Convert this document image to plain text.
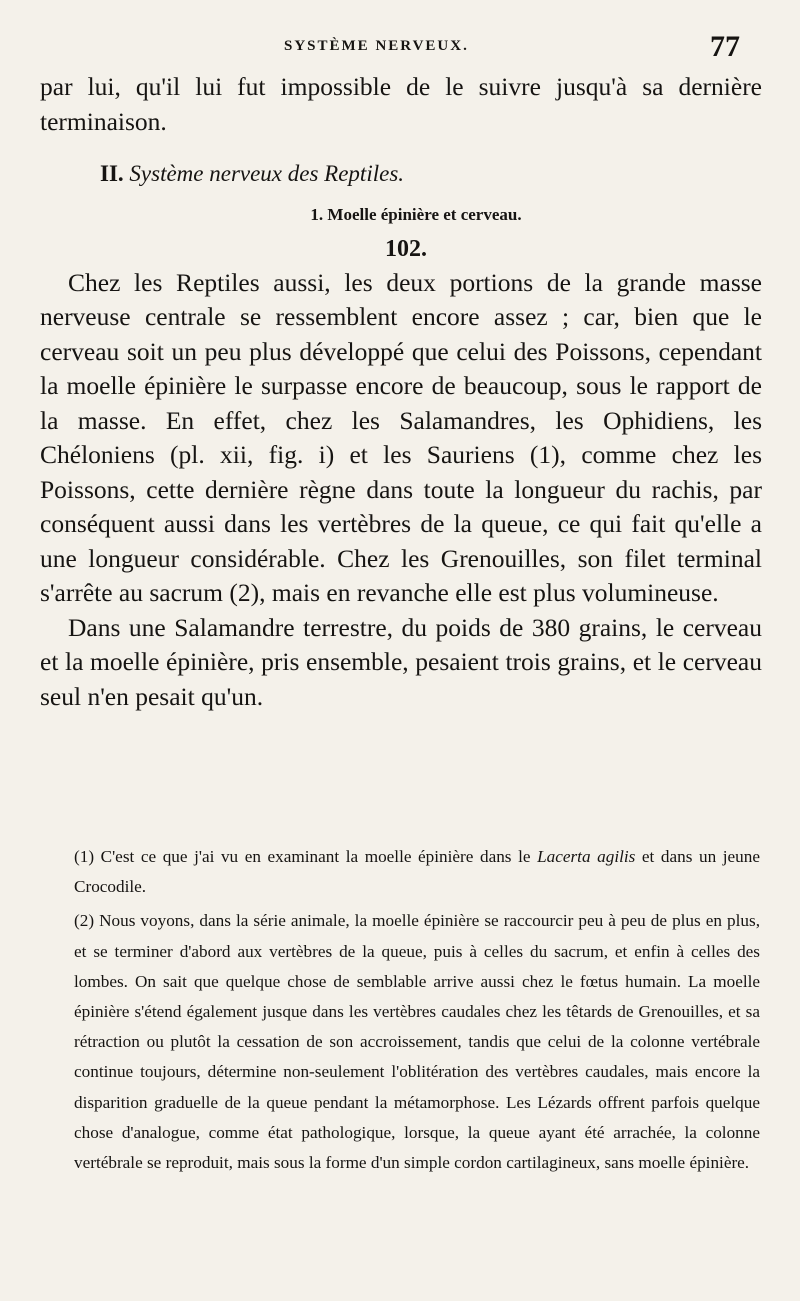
SYSTÈME NERVEUX.	77

par lui, qu'il lui fut impossible de le suivre jusqu'à sa dernière terminaison.

II. Système nerveux des Reptiles.

1. Moelle épinière et cerveau.

102.

Chez les Reptiles aussi, les deux portions de la grande masse nerveuse centrale se ressemblent encore assez ; car, bien que le cerveau soit un peu plus développé que celui des Poissons, cependant la moelle épinière le surpasse encore de beaucoup, sous le rapport de la masse. En effet, chez les Salamandres, les Ophidiens, les Chéloniens (pl. xii, fig. i) et les Sauriens (1), comme chez les Poissons, cette dernière règne dans toute la longueur du rachis, par conséquent aussi dans les vertèbres de la queue, ce qui fait qu'elle a une longueur considérable. Chez les Grenouilles, son filet terminal s'arrête au sacrum (2), mais en revanche elle est plus volumineuse.

Dans une Salamandre terrestre, du poids de 380 grains, le cerveau et la moelle épinière, pris ensemble, pesaient trois grains, et le cerveau seul n'en pesait qu'un.

(1) C'est ce que j'ai vu en examinant la moelle épinière dans le Lacerta agilis et dans un jeune Crocodile.

(2) Nous voyons, dans la série animale, la moelle épinière se raccourcir peu à peu de plus en plus, et se terminer d'abord aux vertèbres de la queue, puis à celles du sacrum, et enfin à celles des lombes. On sait que quelque chose de semblable arrive aussi chez le fœtus humain. La moelle épinière s'étend également jusque dans les vertèbres caudales chez les têtards de Grenouilles, et sa rétraction ou plutôt la cessation de son accroissement, tandis que celui de la colonne vertébrale continue toujours, détermine non-seulement l'oblitération des vertèbres caudales, mais encore la disparition graduelle de la queue pendant la métamorphose. Les Lézards offrent parfois quelque chose d'analogue, comme état pathologique, lorsque, la queue ayant été arrachée, la colonne vertébrale se reproduit, mais sous la forme d'un simple cordon cartilagineux, sans moelle épinière.
